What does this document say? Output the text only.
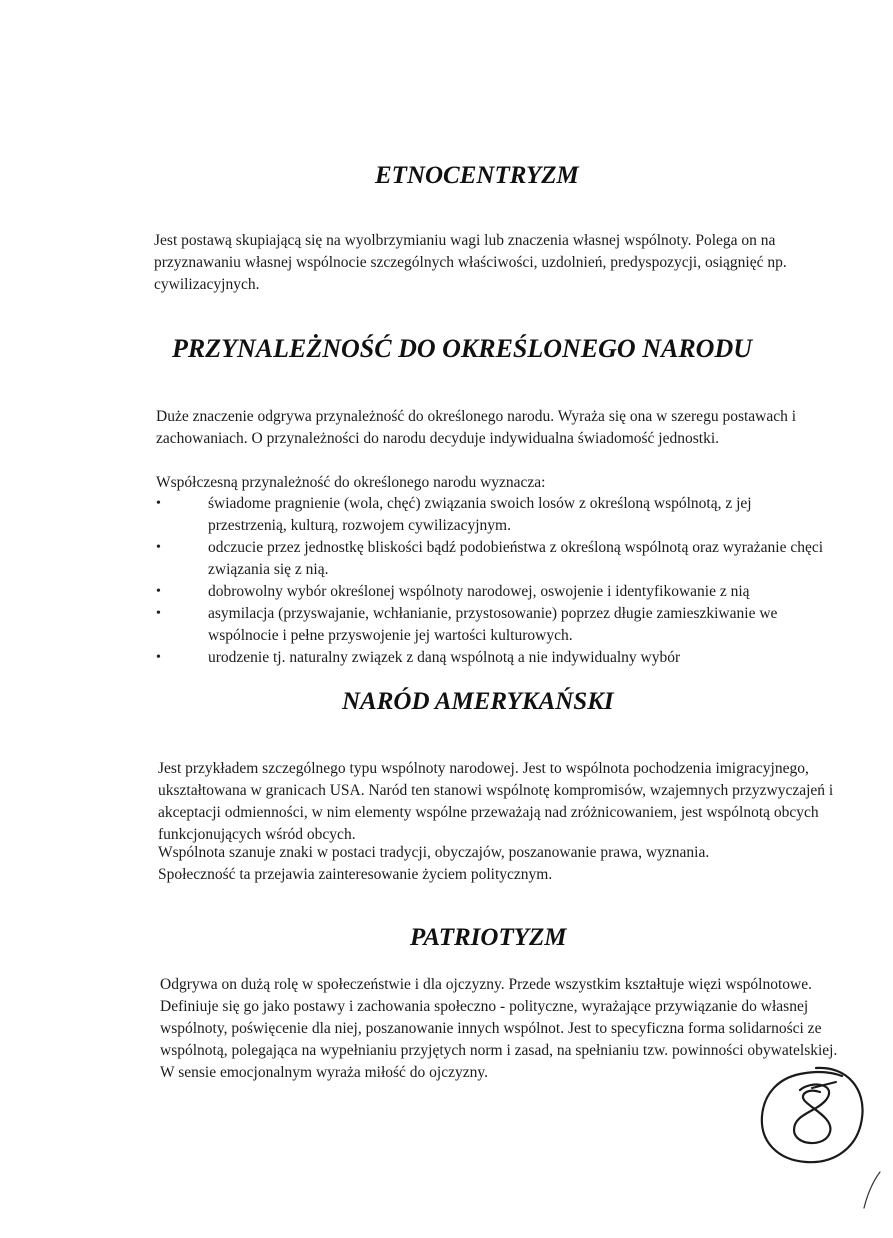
ETNOCENTRYZM

Jest postawą skupiającą się na wyolbrzymianiu wagi lub znaczenia własnej wspólnoty. Polega on na przyznawaniu własnej wspólnocie szczególnych właściwości, uzdolnień, predyspozycji, osiągnięć np. cywilizacyjnych.

PRZYNALEŻNOŚĆ DO OKREŚLONEGO NARODU

Duże znaczenie odgrywa przynależność do określonego narodu. Wyraża się ona w szeregu postawach i zachowaniach. O przynależności do narodu decyduje indywidualna świadomość jednostki.

Współczesną przynależność do określonego narodu wyznacza:

•	świadome pragnienie (wola, chęć) związania swoich losów z określoną wspólnotą, z jej przestrzenią, kulturą, rozwojem cywilizacyjnym.
•	odczucie przez jednostkę bliskości bądź podobieństwa z określoną wspólnotą oraz wyrażanie chęci związania się z nią.
•	dobrowolny wybór określonej wspólnoty narodowej, oswojenie i identyfikowanie z nią
•	asymilacja (przyswajanie, wchłanianie, przystosowanie) poprzez długie zamieszkiwanie we wspólnocie i pełne przyswojenie jej wartości kulturowych.
•	urodzenie tj. naturalny związek z daną wspólnotą a nie indywidualny wybór
NARÓD AMERYKAŃSKI

Jest przykładem szczególnego typu wspólnoty narodowej. Jest to wspólnota pochodzenia imigracyjnego, ukształtowana w granicach USA. Naród ten stanowi wspólnotę kompromisów, wzajemnych przyzwyczajeń i akceptacji odmienności, w nim elementy wspólne przeważają nad zróżnicowaniem, jest wspólnotą obcych funkcjonujących wśród obcych.

Wspólnota szanuje znaki w postaci tradycji, obyczajów, poszanowanie prawa, wyznania.

Społeczność ta przejawia zainteresowanie życiem politycznym.

PATRIOTYZM

Odgrywa on dużą rolę w społeczeństwie i dla ojczyzny. Przede wszystkim kształtuje więzi wspólnotowe. Definiuje się go jako postawy i zachowania społeczno - polityczne, wyrażające przywiązanie do własnej wspólnoty, poświęcenie dla niej, poszanowanie innych wspólnot. Jest to specyficzna forma solidarności ze wspólnotą, polegająca na wypełnianiu przyjętych norm i zasad, na spełnianiu tzw. powinności obywatelskiej. W sensie emocjonalnym wyraża miłość do ojczyzny.
